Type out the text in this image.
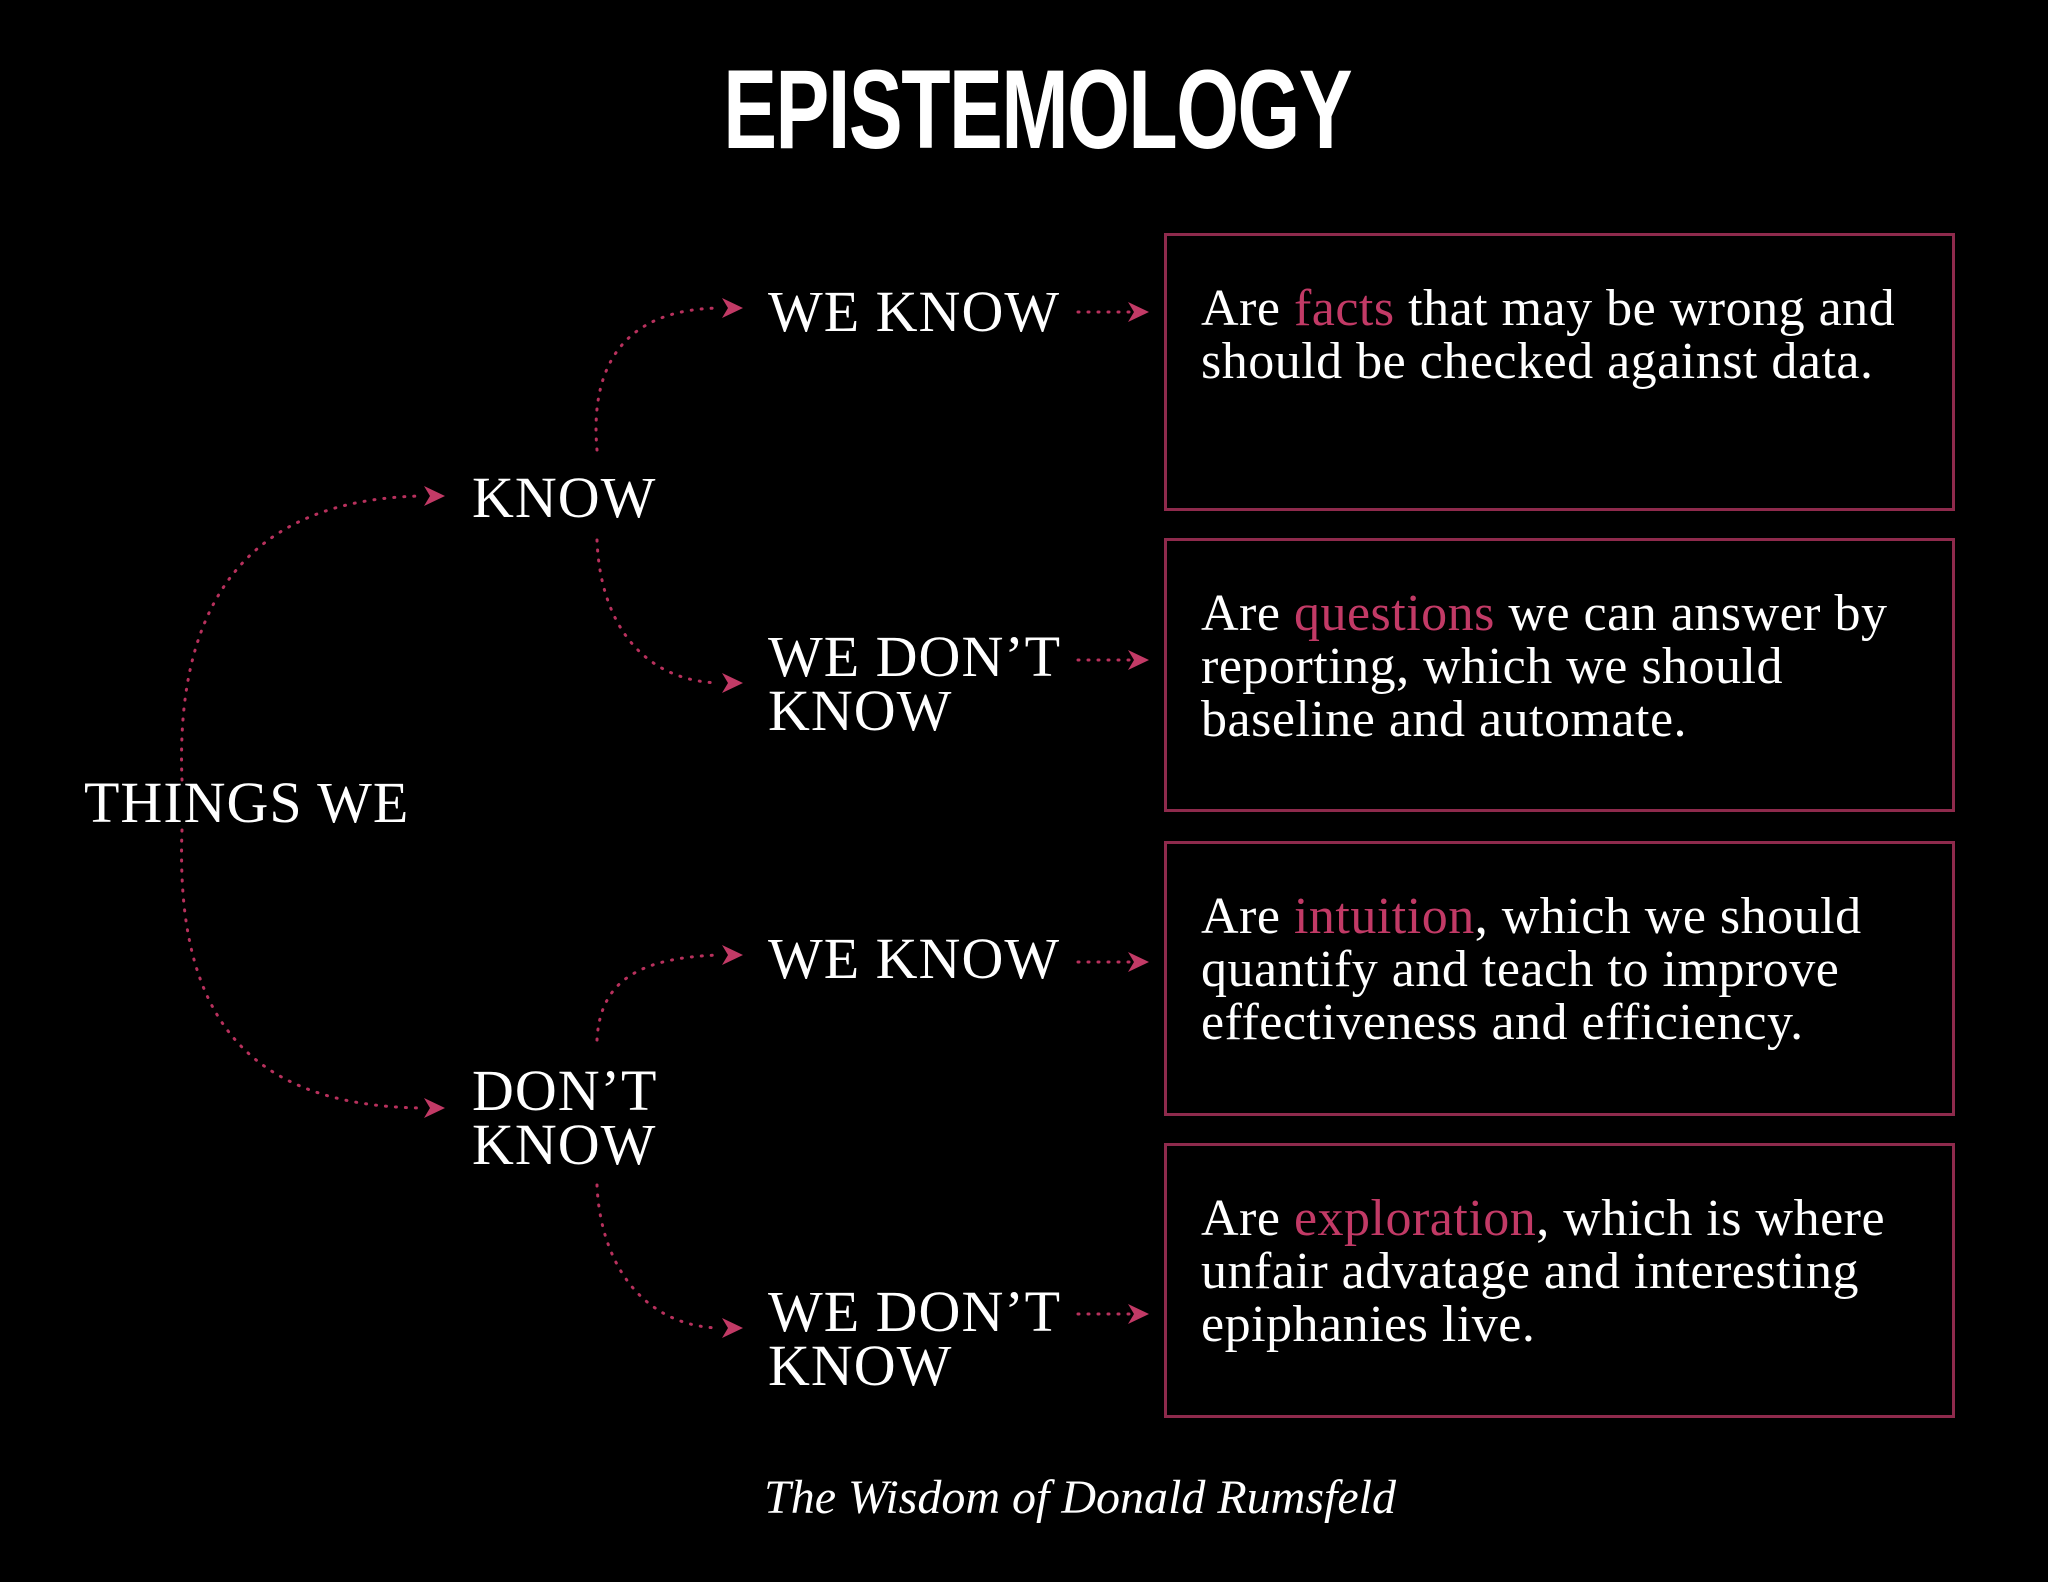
EPISTEMOLOGY
THINGS WE
KNOW
DON’T
KNOW
WE KNOW
WE DON’T
KNOW
WE KNOW
WE DON’T
KNOW
Are facts that may be wrong and should be checked against data.
Are questions we can answer by reporting, which we should baseline and automate.
Are intuition, which we should quantify and teach to improve effectiveness and efficiency.
Are exploration, which is where unfair advatage and interesting epiphanies live.
The Wisdom of Donald Rumsfeld
